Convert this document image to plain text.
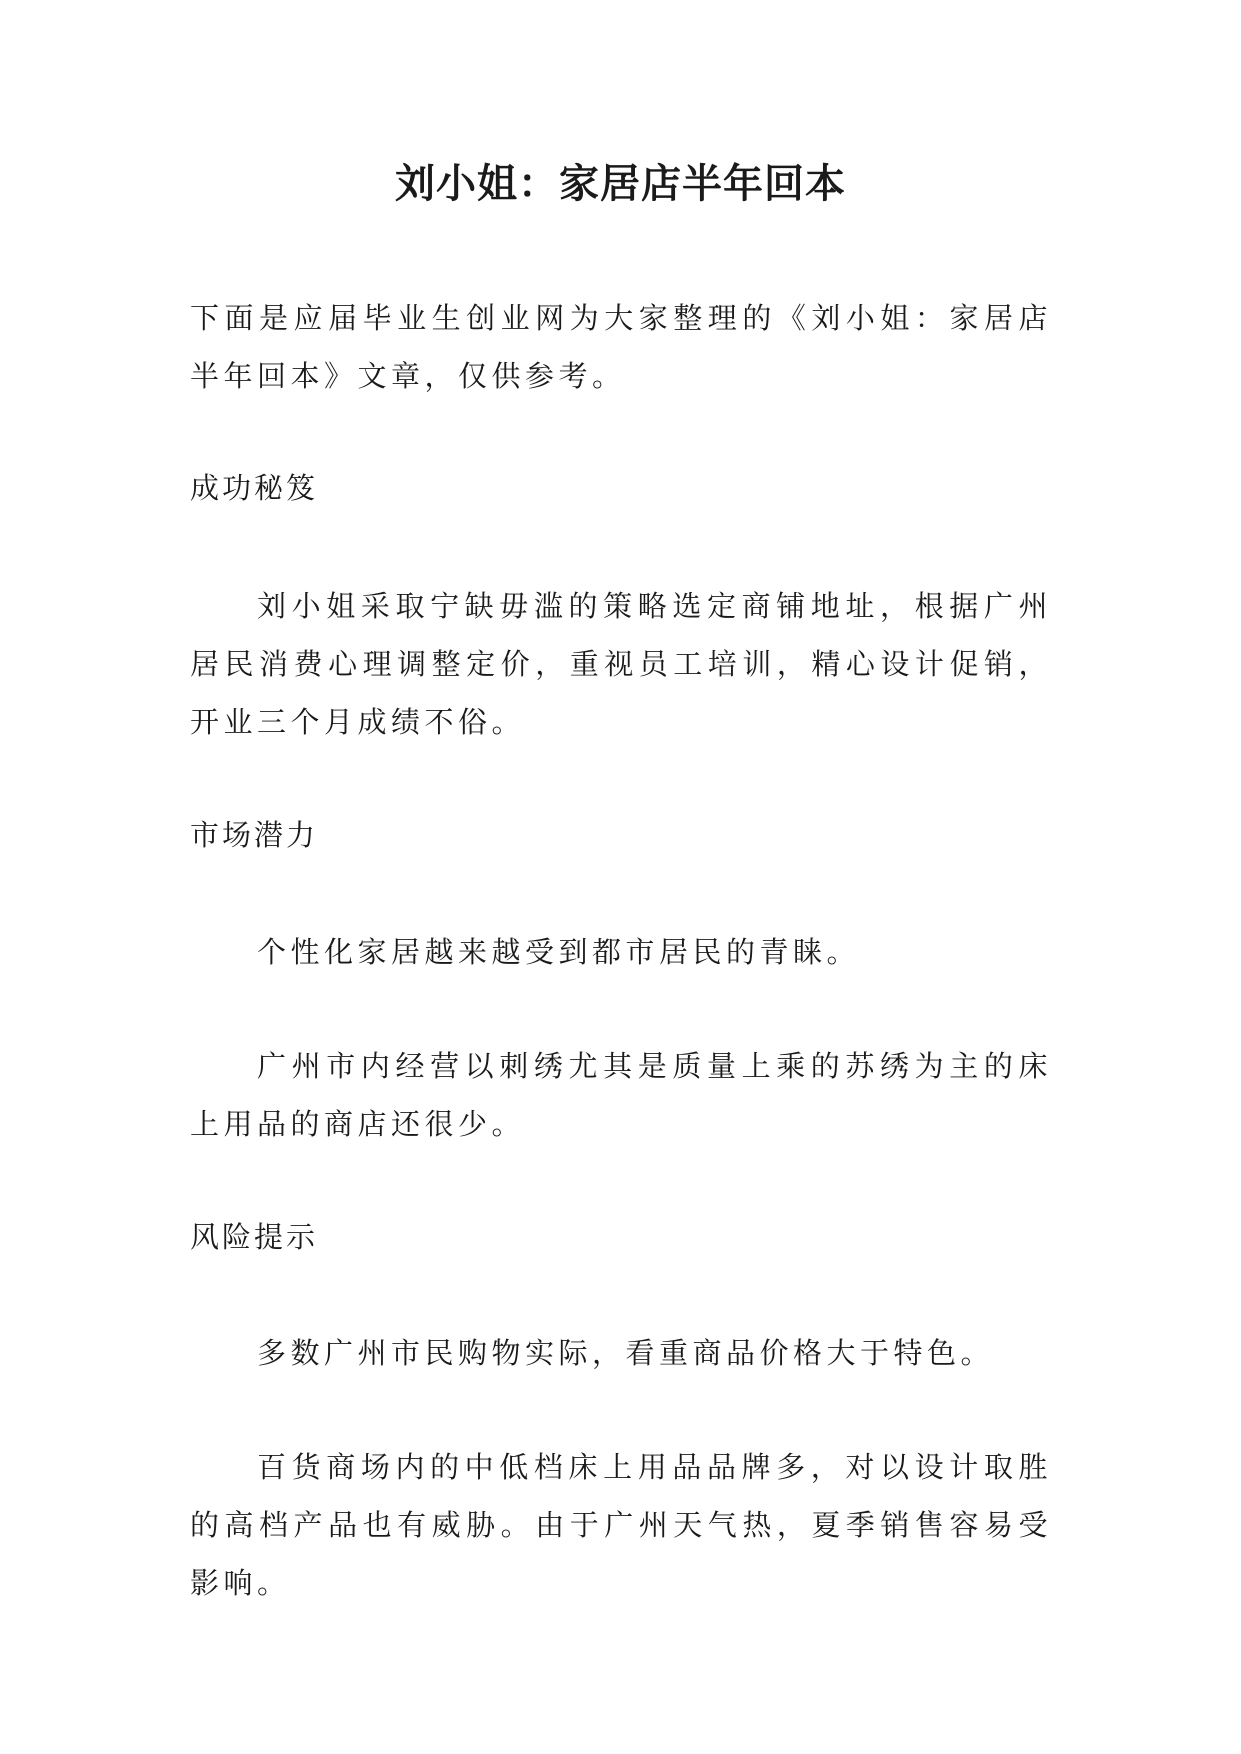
刘小姐：家居店半年回本
下面是应届毕业生创业网为大家整理的《刘小姐：家居店半年回本》文章，仅供参考。
成功秘笈
刘小姐采取宁缺毋滥的策略选定商铺地址，根据广州居民消费心理调整定价，重视员工培训，精心设计促销，开业三个月成绩不俗。
市场潜力
个性化家居越来越受到都市居民的青睐。
广州市内经营以刺绣尤其是质量上乘的苏绣为主的床上用品的商店还很少。
风险提示
多数广州市民购物实际，看重商品价格大于特色。
百货商场内的中低档床上用品品牌多，对以设计取胜的高档产品也有威胁。由于广州天气热，夏季销售容易受影响。
